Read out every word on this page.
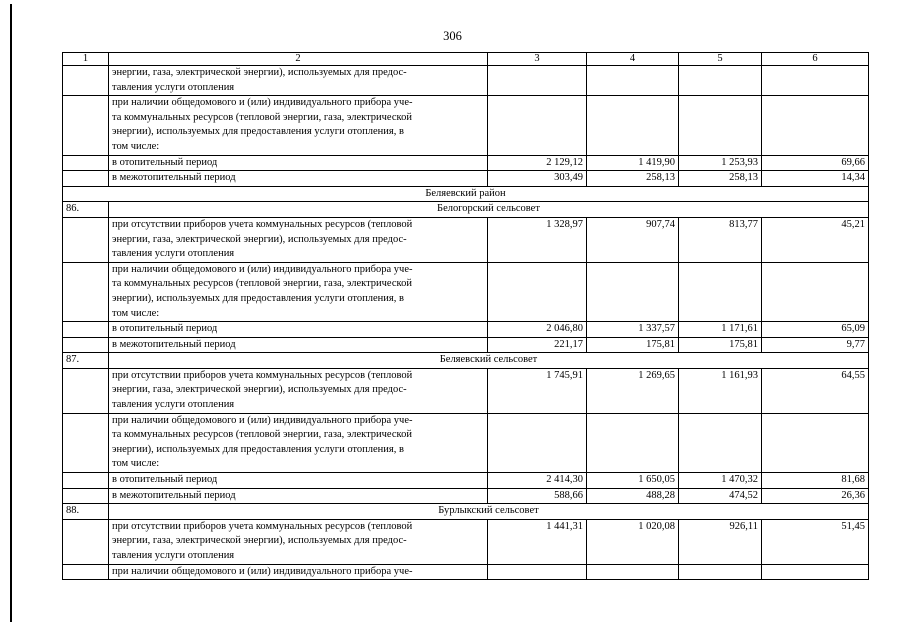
306
1	2	3	4	5	6

	энергии, газа, электрической энергии), используемых для предос-
тавления услуги отопления				

	при наличии общедомового и (или) индивидуального прибора уче-
та коммунальных ресурсов (тепловой энергии, газа, электрической
энергии), используемых для предоставления услуги отопления, в
том числе:				

	в отопительный период	2 129,12	1 419,90	1 253,93	69,66
	в межотопительный период	303,49	258,13	258,13	14,34
Беляевский район					
86.	Белогорский сельсовет				

	при отсутствии приборов учета коммунальных ресурсов (тепловой
энергии, газа, электрической энергии), используемых для предос-
тавления услуги отопления	1 328,97	907,74	813,77	45,21

	при наличии общедомового и (или) индивидуального прибора уче-
та коммунальных ресурсов (тепловой энергии, газа, электрической
энергии), используемых для предоставления услуги отопления, в
том числе:				

	в отопительный период	2 046,80	1 337,57	1 171,61	65,09
	в межотопительный период	221,17	175,81	175,81	9,77
87.	Беляевский сельсовет				

	при отсутствии приборов учета коммунальных ресурсов (тепловой
энергии, газа, электрической энергии), используемых для предос-
тавления услуги отопления	1 745,91	1 269,65	1 161,93	64,55

	при наличии общедомового и (или) индивидуального прибора уче-
та коммунальных ресурсов (тепловой энергии, газа, электрической
энергии), используемых для предоставления услуги отопления, в
том числе:				

	в отопительный период	2 414,30	1 650,05	1 470,32	81,68
	в межотопительный период	588,66	488,28	474,52	26,36
88.	Бурлыкский сельсовет				

	при отсутствии приборов учета коммунальных ресурсов (тепловой
энергии, газа, электрической энергии), используемых для предос-
тавления услуги отопления	1 441,31	1 020,08	926,11	51,45
	при наличии общедомового и (или) индивидуального прибора уче-				
